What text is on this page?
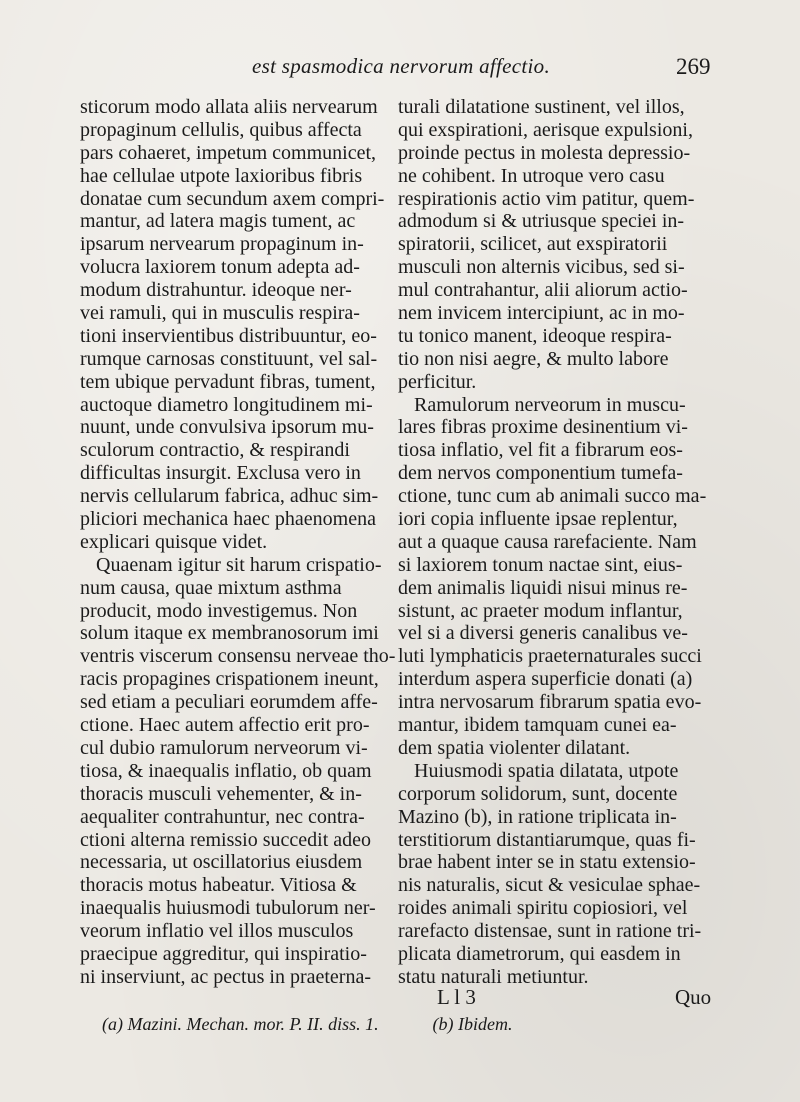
est spasmodica nervorum affectio.	269
sticorum modo allata aliis nervearum
propaginum cellulis, quibus affecta
pars cohaeret, impetum communicet,
hae cellulae utpote laxioribus fibris
donatae cum secundum axem compri-
mantur, ad latera magis tument, ac
ipsarum nervearum propaginum in-
volucra laxiorem tonum adepta ad-
modum distrahuntur. ideoque ner-
vei ramuli, qui in musculis respira-
tioni inservientibus distribuuntur, eo-
rumque carnosas constituunt, vel sal-
tem ubique pervadunt fibras, tument,
auctoque diametro longitudinem mi-
nuunt, unde convulsiva ipsorum mu-
sculorum contractio, & respirandi
difficultas insurgit. Exclusa vero in
nervis cellularum fabrica, adhuc sim-
pliciori mechanica haec phaenomena
explicari quisque videt.
Quaenam igitur sit harum crispatio-
num causa, quae mixtum asthma
producit, modo investigemus. Non
solum itaque ex membranosorum imi
ventris viscerum consensu nerveae tho-
racis propagines crispationem ineunt,
sed etiam a peculiari eorumdem affe-
ctione. Haec autem affectio erit pro-
cul dubio ramulorum nerveorum vi-
tiosa, & inaequalis inflatio, ob quam
thoracis musculi vehementer, & in-
aequaliter contrahuntur, nec contra-
ctioni alterna remissio succedit adeo
necessaria, ut oscillatorius eiusdem
thoracis motus habeatur. Vitiosa &
inaequalis huiusmodi tubulorum ner-
veorum inflatio vel illos musculos
praecipue aggreditur, qui inspiratio-
ni inserviunt, ac pectus in praeterna-
turali dilatatione sustinent, vel illos,
qui exspirationi, aerisque expulsioni,
proinde pectus in molesta depressio-
ne cohibent. In utroque vero casu
respirationis actio vim patitur, quem-
admodum si & utriusque speciei in-
spiratorii, scilicet, aut exspiratorii
musculi non alternis vicibus, sed si-
mul contrahantur, alii aliorum actio-
nem invicem intercipiunt, ac in mo-
tu tonico manent, ideoque respira-
tio non nisi aegre, & multo labore
perficitur.
Ramulorum nerveorum in muscu-
lares fibras proxime desinentium vi-
tiosa inflatio, vel fit a fibrarum eos-
dem nervos componentium tumefa-
ctione, tunc cum ab animali succo ma-
iori copia influente ipsae replentur,
aut a quaque causa rarefaciente. Nam
si laxiorem tonum nactae sint, eius-
dem animalis liquidi nisui minus re-
sistunt, ac praeter modum inflantur,
vel si a diversi generis canalibus ve-
luti lymphaticis praeternaturales succi
interdum aspera superficie donati (a)
intra nervosarum fibrarum spatia evo-
mantur, ibidem tamquam cunei ea-
dem spatia violenter dilatant.
Huiusmodi spatia dilatata, utpote
corporum solidorum, sunt, docente
Mazino (b), in ratione triplicata in-
terstitiorum distantiarumque, quas fi-
brae habent inter se in statu extensio-
nis naturalis, sicut & vesiculae sphae-
roides animali spiritu copiosiori, vel
rarefacto distensae, sunt in ratione tri-
plicata diametrorum, qui easdem in
statu naturali metiuntur.
L l 3	Quo
(a) Mazini. Mechan. mor. P. II. diss. 1.	(b) Ibidem.
